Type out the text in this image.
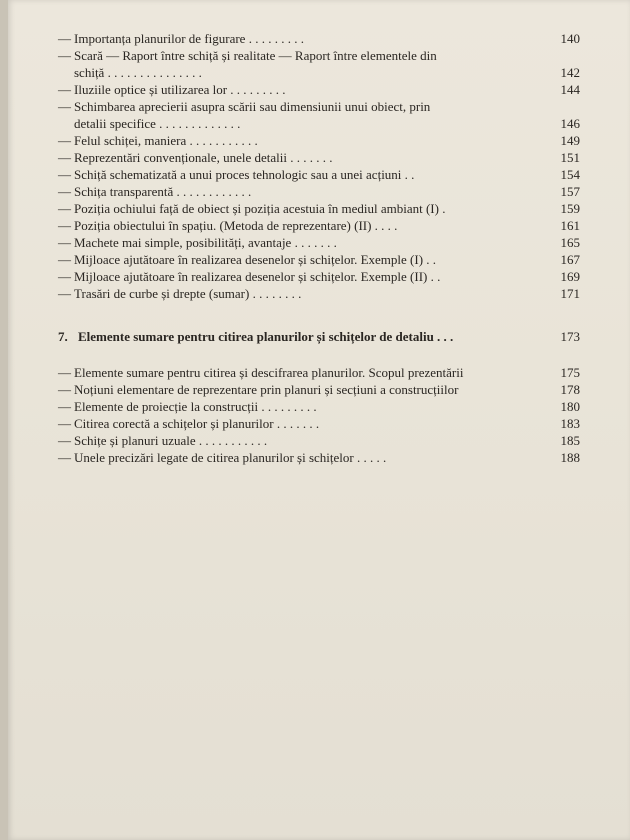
— Importanța planurilor de figurare . . . . . . . . .	140
— Scară — Raport între schiță și realitate — Raport între elementele din
schiță . . . . . . . . . . . . . . .	142
— Iluziile optice și utilizarea lor . . . . . . . . .	144
— Schimbarea aprecierii asupra scării sau dimensiunii unui obiect, prin
detalii specifice . . . . . . . . . . . . .	146
— Felul schiței, maniera . . . . . . . . . . .	149
— Reprezentări convenționale, unele detalii . . . . . . .	151
— Schiță schematizată a unui proces tehnologic sau a unei acțiuni . .	154
— Schița transparentă . . . . . . . . . . . .	157
— Poziția ochiului față de obiect și poziția acestuia în mediul ambiant (I) .	159
— Poziția obiectului în spațiu. (Metoda de reprezentare) (II) . . . .	161
— Machete mai simple, posibilități, avantaje . . . . . . .	165
— Mijloace ajutătoare în realizarea desenelor și schițelor. Exemple (I) . .	167
— Mijloace ajutătoare în realizarea desenelor și schițelor. Exemple (II) . .	169
— Trasări de curbe și drepte (sumar) . . . . . . . .	171
7. Elemente sumare pentru citirea planurilor și schițelor de detaliu . . .	173
— Elemente sumare pentru citirea și descifrarea planurilor. Scopul prezentării	175
— Noțiuni elementare de reprezentare prin planuri și secțiuni a construcțiilor	178
— Elemente de proiecție la construcții . . . . . . . . .	180
— Citirea corectă a schițelor și planurilor . . . . . . .	183
— Schițe și planuri uzuale . . . . . . . . . . .	185
— Unele precizări legate de citirea planurilor și schițelor . . . . .	188
